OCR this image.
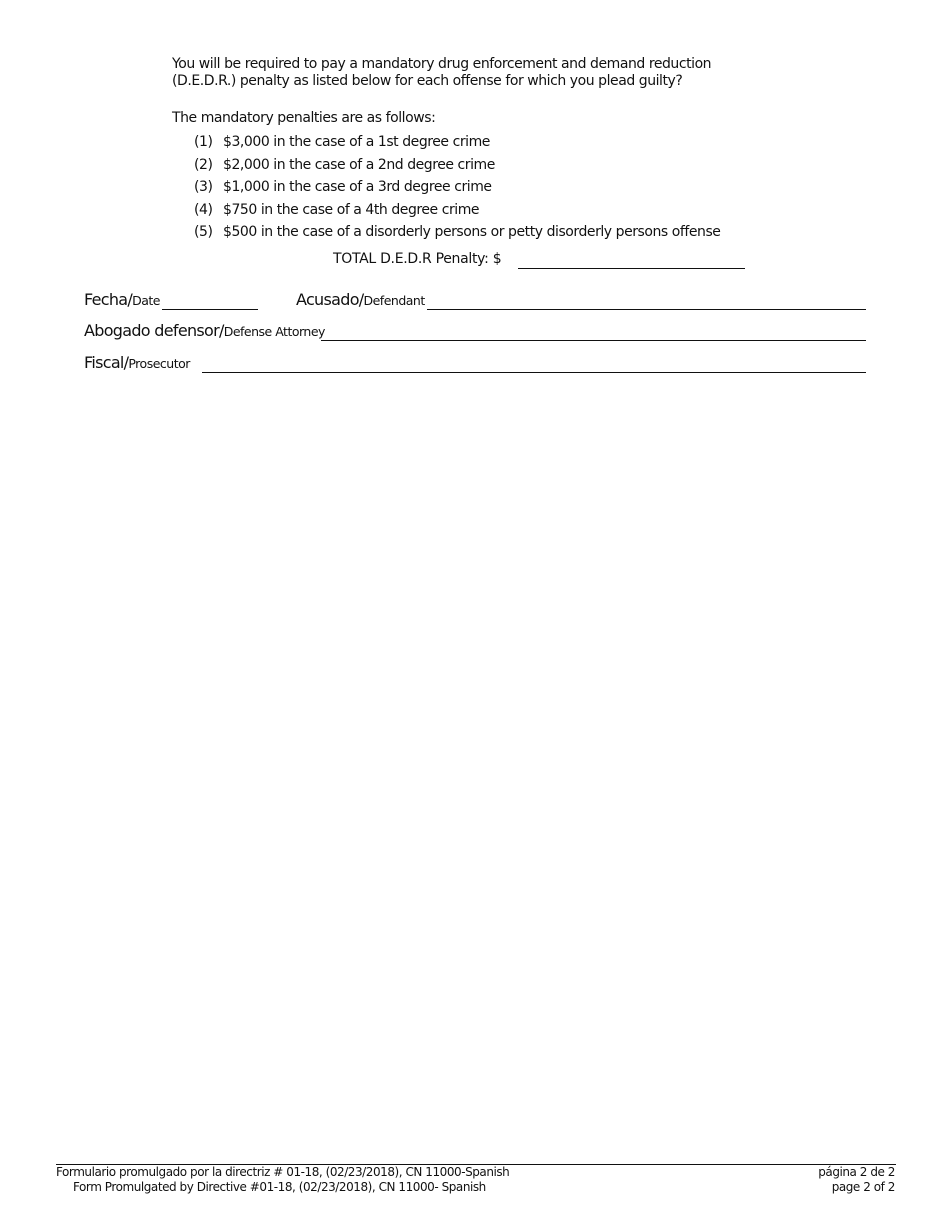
You will be required to pay a mandatory drug enforcement and demand reduction
(D.E.D.R.) penalty as listed below for each offense for which you plead guilty?
The mandatory penalties are as follows:
(1) $3,000 in the case of a 1st degree crime
(2) $2,000 in the case of a 2nd degree crime
(3) $1,000 in the case of a 3rd degree crime
(4) $750 in the case of a 4th degree crime
(5) $500 in the case of a disorderly persons or petty disorderly persons offense
TOTAL D.E.D.R Penalty: $
Fecha/Date	Acusado/Defendant
Abogado defensor/Defense Attorney
Fiscal/Prosecutor
Formulario promulgado por la directriz # 01-18, (02/23/2018), CN 11000-Spanish
Form Promulgated by Directive #01-18, (02/23/2018), CN 11000- Spanish
página 2 de 2
page 2 of 2
